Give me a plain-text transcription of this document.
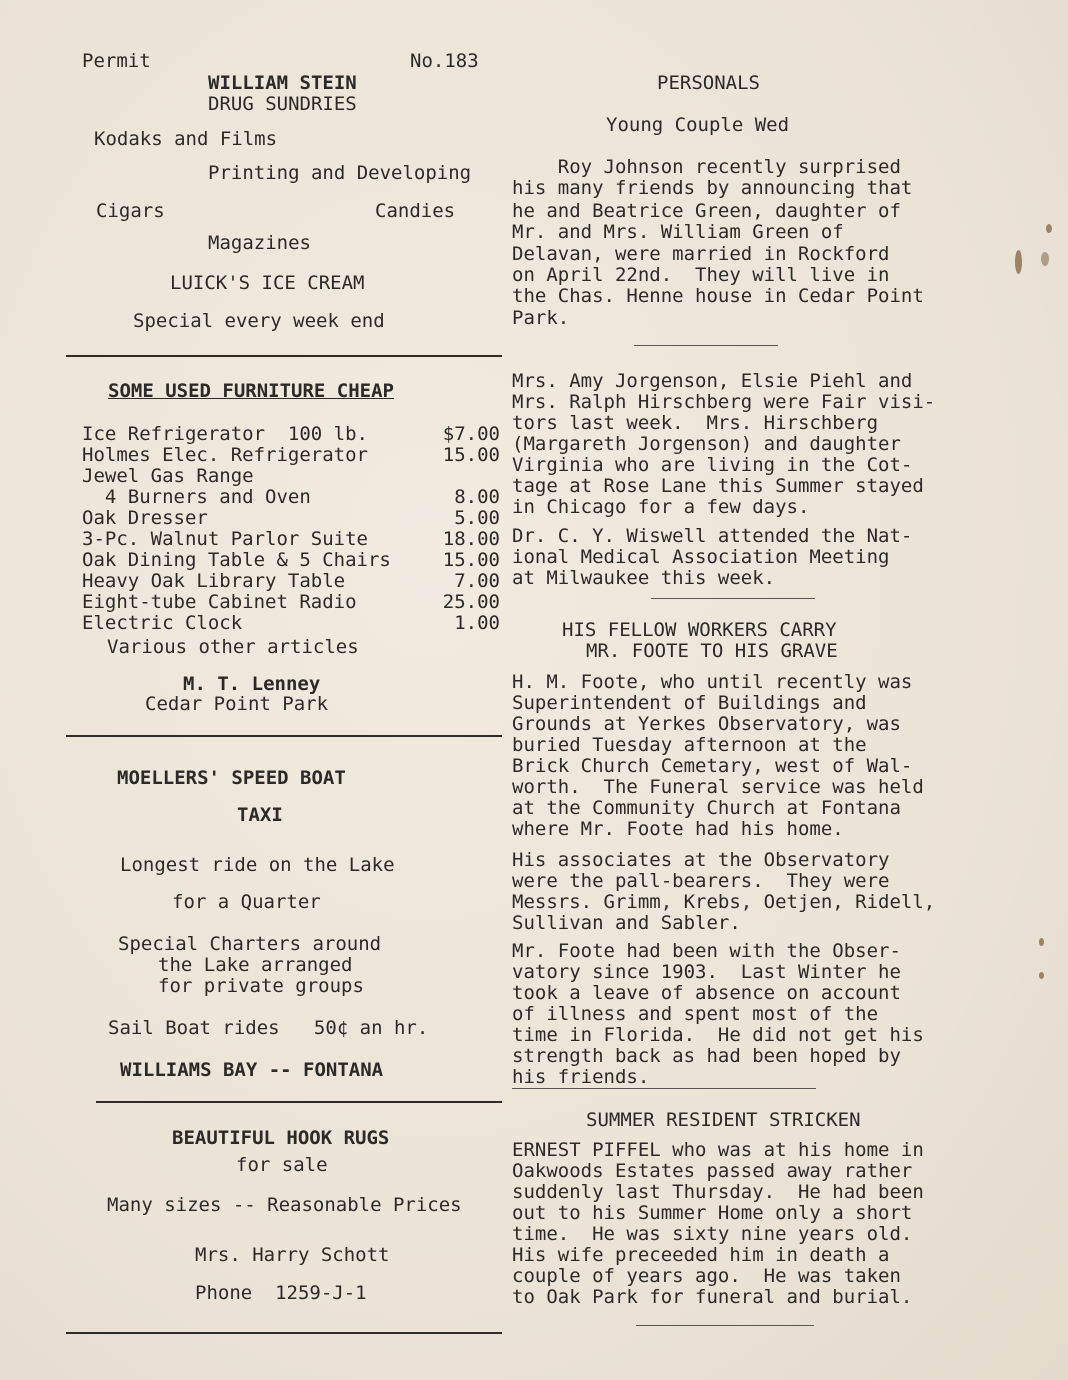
Permit	No.183
WILLIAM STEIN
DRUG SUNDRIES
Kodaks and Films
Printing and Developing
Cigars	Candies
Magazines
LUICK'S ICE CREAM
Special every week end
SOME USED FURNITURE CHEAP
Ice Refrigerator  100 lb.	$7.00
Holmes Elec. Refrigerator	15.00
Jewel Gas Range
4 Burners and Oven	8.00
Oak Dresser	5.00
3-Pc. Walnut Parlor Suite	18.00
Oak Dining Table & 5 Chairs	15.00
Heavy Oak Library Table	7.00
Eight-tube Cabinet Radio	25.00
Electric Clock	1.00
Various other articles
M. T. Lenney
Cedar Point Park
MOELLERS' SPEED BOAT
TAXI
Longest ride on the Lake
for a Quarter
Special Charters around
the Lake arranged
for private groups
Sail Boat rides   50¢ an hr.
WILLIAMS BAY -- FONTANA
BEAUTIFUL HOOK RUGS
for sale
Many sizes -- Reasonable Prices
Mrs. Harry Schott
Phone  1259-J-1
PERSONALS
Young Couple Wed
Roy Johnson recently surprised
his many friends by announcing that
he and Beatrice Green, daughter of
Mr. and Mrs. William Green of
Delavan, were married in Rockford
on April 22nd.  They will live in
the Chas. Henne house in Cedar Point
Park.
Mrs. Amy Jorgenson, Elsie Piehl and
Mrs. Ralph Hirschberg were Fair visi-
tors last week.  Mrs. Hirschberg
(Margareth Jorgenson) and daughter
Virginia who are living in the Cot-
tage at Rose Lane this Summer stayed
in Chicago for a few days.
Dr. C. Y. Wiswell attended the Nat-
ional Medical Association Meeting
at Milwaukee this week.
HIS FELLOW WORKERS CARRY
MR. FOOTE TO HIS GRAVE
H. M. Foote, who until recently was
Superintendent of Buildings and
Grounds at Yerkes Observatory, was
buried Tuesday afternoon at the
Brick Church Cemetary, west of Wal-
worth.  The Funeral service was held
at the Community Church at Fontana
where Mr. Foote had his home.
His associates at the Observatory
were the pall-bearers.  They were
Messrs. Grimm, Krebs, Oetjen, Ridell,
Sullivan and Sabler.
Mr. Foote had been with the Obser-
vatory since 1903.  Last Winter he
took a leave of absence on account
of illness and spent most of the
time in Florida.  He did not get his
strength back as had been hoped by
his friends.
SUMMER RESIDENT STRICKEN
ERNEST PIFFEL who was at his home in
Oakwoods Estates passed away rather
suddenly last Thursday.  He had been
out to his Summer Home only a short
time.  He was sixty nine years old.
His wife preceeded him in death a
couple of years ago.  He was taken
to Oak Park for funeral and burial.
